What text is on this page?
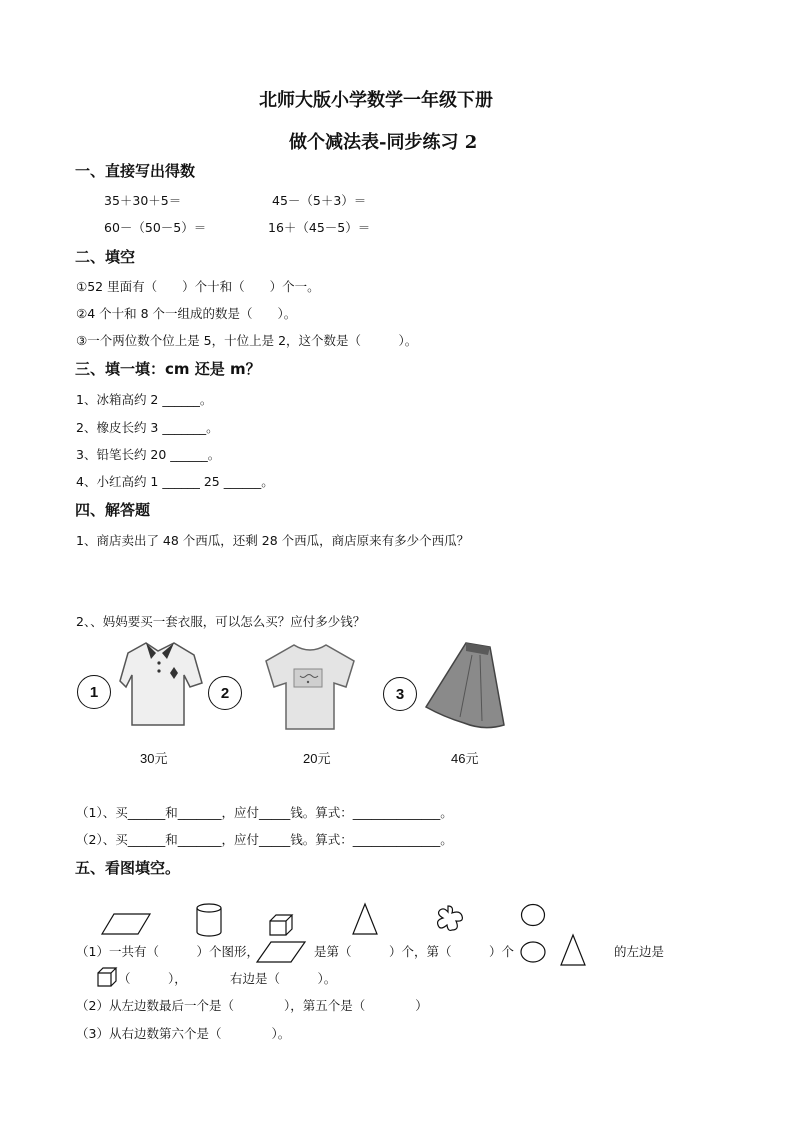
北师大版小学数学一年级下册
做个减法表-同步练习 2
一、直接写出得数
35＋30＋5＝	45－（5＋3）＝
60－（50－5）＝	16＋（45－5）＝
二、填空
①52 里面有（　　）个十和（　　）个一。
②4 个十和 8 个一组成的数是（　　）。
③一个两位数个位上是 5，十位上是 2，这个数是（　　　）。
三、填一填：cm 还是 m？
1、冰箱高约 2 ______。
2、橡皮长约 3 _______。
3、铅笔长约 20 ______。
4、小红高约 1 ______ 25 ______。
四、解答题
1、商店卖出了 48 个西瓜，还剩 28 个西瓜，商店原来有多少个西瓜？
2、、妈妈要买一套衣服，可以怎么买？应付多少钱？
1	2	3
30元	20元	46元
（1）、买______和_______，应付_____钱。算式：______________。
（2）、买______和_______，应付_____钱。算式：______________。
五、看图填空。
（1）一共有（　　　）个图形，	是第（　　　）个，第（　　　）个	的左边是
（　　　），	右边是（　　　）。
（2）从左边数最后一个是（　　　　），第五个是（　　　　）
（3）从右边数第六个是（　　　　）。
